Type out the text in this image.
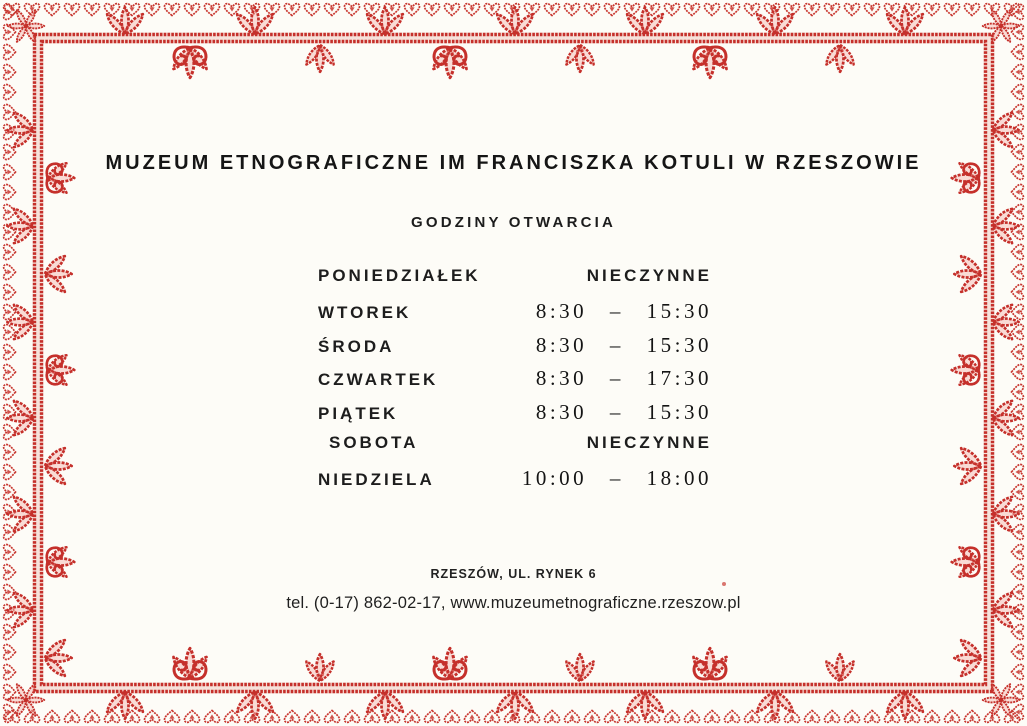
MUZEUM ETNOGRAFICZNE IM FRANCISZKA KOTULI W RZESZOWIE
GODZINY OTWARCIA
PONIEDZIAŁEK	NIECZYNNE
WTOREK	8:30 – 15:30
ŚRODA	8:30 – 15:30
CZWARTEK	8:30 – 17:30
PIĄTEK	8:30 – 15:30
SOBOTA	NIECZYNNE
NIEDZIELA	10:00 – 18:00
RZESZÓW, UL. RYNEK 6
tel. (0-17) 862-02-17, www.muzeumetnograficzne.rzeszow.pl
